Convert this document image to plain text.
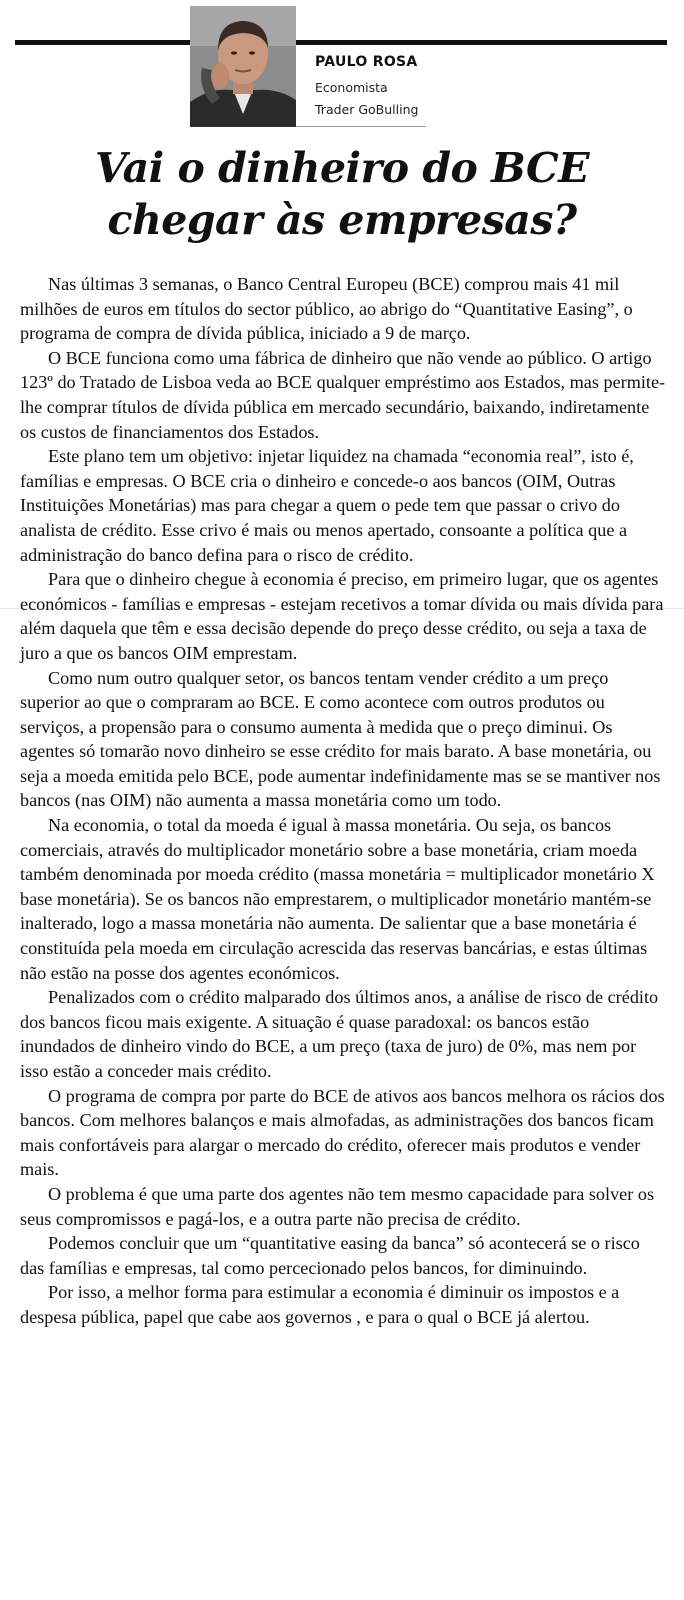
PAULO ROSA
Economista
Trader GoBulling
Vai o dinheiro do BCE
chegar às empresas?

Nas últimas 3 semanas, o Banco Central Europeu (BCE) comprou mais 41 mil milhões de euros em títulos do sector público, ao abrigo do “Quantitative Easing”, o programa de compra de dívida pública, iniciado a 9 de março.

O BCE funciona como uma fábrica de dinheiro que não vende ao público. O artigo 123º do Tratado de Lisboa veda ao BCE qualquer empréstimo aos Estados, mas permite-lhe comprar títulos de dívida pública em mercado secundário, baixando, indiretamente os custos de financiamentos dos Estados.

Este plano tem um objetivo: injetar liquidez na chamada “economia real”, isto é, famílias e empresas. O BCE cria o dinheiro e concede-o aos bancos (OIM, Outras Instituições Monetárias) mas para chegar a quem o pede tem que passar o crivo do analista de crédito. Esse crivo é mais ou menos apertado, consoante a política que a administração do banco defina para o risco de crédito.

Para que o dinheiro chegue à economia é preciso, em primeiro lugar, que os agentes económicos - famílias e empresas - estejam recetivos a tomar dívida ou mais dívida para além daquela que têm e essa decisão depende do preço desse crédito, ou seja a taxa de juro a que os bancos OIM emprestam.

Como num outro qualquer setor, os bancos tentam vender crédito a um preço superior ao que o compraram ao BCE. E como acontece com outros produtos ou serviços, a propensão para o consumo aumenta à medida que o preço diminui. Os agentes só tomarão novo dinheiro se esse crédito for mais barato. A base monetária, ou seja a moeda emitida pelo BCE, pode aumentar indefinidamente mas se se mantiver nos bancos (nas OIM) não aumenta a massa monetária como um todo.

Na economia, o total da moeda é igual à massa monetária. Ou seja, os bancos comerciais, através do multiplicador monetário sobre a base monetária, criam moeda também denominada por moeda crédito (massa monetária = multiplicador monetário X base monetária). Se os bancos não emprestarem, o multiplicador monetário mantém-se inalterado, logo a massa monetária não aumenta. De salientar que a base monetária é constituída pela moeda em circulação acrescida das reservas bancárias, e estas últimas não estão na posse dos agentes económicos.

Penalizados com o crédito malparado dos últimos anos, a análise de risco de crédito dos bancos ficou mais exigente. A situação é quase paradoxal: os bancos estão inundados de dinheiro vindo do BCE, a um preço (taxa de juro) de 0%, mas nem por isso estão a conceder mais crédito.

O programa de compra por parte do BCE de ativos aos bancos melhora os rácios dos bancos. Com melhores balanços e mais almofadas, as administrações dos bancos ficam mais confortáveis para alargar o mercado do crédito, oferecer mais produtos e vender mais.

O problema é que uma parte dos agentes não tem mesmo capacidade para solver os seus compromissos e pagá-los, e a outra parte não precisa de crédito.

Podemos concluir que um “quantitative easing da banca” só acontecerá se o risco das famílias e empresas, tal como percecionado pelos bancos, for diminuindo.

Por isso, a melhor forma para estimular a economia é diminuir os impostos e a despesa pública, papel que cabe aos governos , e para o qual o BCE já alertou.
